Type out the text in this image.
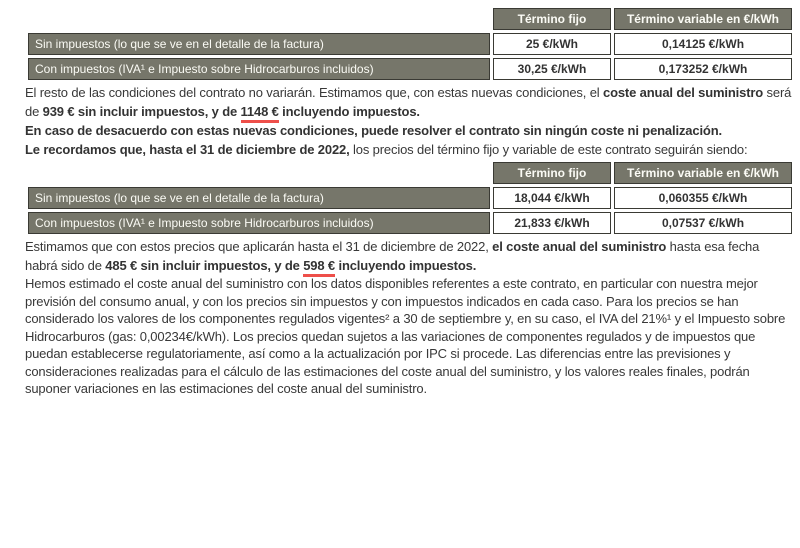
	Término fijo	Término variable en €/kWh
Sin impuestos (lo que se ve en el detalle de la factura)	25 €/kWh	0,14125 €/kWh
Con impuestos (IVA¹ e Impuesto sobre Hidrocarburos incluidos)	30,25 €/kWh	0,173252 €/kWh

El resto de las condiciones del contrato no variarán. Estimamos que, con estas nuevas condiciones, el coste anual del suministro será de 939 € sin incluir impuestos, y de 1148 € incluyendo impuestos.

En caso de desacuerdo con estas nuevas condiciones, puede resolver el contrato sin ningún coste ni penalización.

Le recordamos que, hasta el 31 de diciembre de 2022, los precios del término fijo y variable de este contrato seguirán siendo:

	Término fijo	Término variable en €/kWh
Sin impuestos (lo que se ve en el detalle de la factura)	18,044 €/kWh	0,060355 €/kWh
Con impuestos (IVA¹ e Impuesto sobre Hidrocarburos incluidos)	21,833 €/kWh	0,07537 €/kWh

Estimamos que con estos precios que aplicarán hasta el 31 de diciembre de 2022, el coste anual del suministro hasta esa fecha habrá sido de 485 € sin incluir impuestos, y de 598 € incluyendo impuestos.

Hemos estimado el coste anual del suministro con los datos disponibles referentes a este contrato, en particular con nuestra mejor previsión del consumo anual, y con los precios sin impuestos y con impuestos indicados en cada caso. Para los precios se han considerado los valores de los componentes regulados vigentes² a 30 de septiembre y, en su caso, el IVA del 21%¹ y el Impuesto sobre Hidrocarburos (gas: 0,00234€/kWh). Los precios quedan sujetos a las variaciones de componentes regulados y de impuestos que puedan establecerse regulatoriamente, así como a la actualización por IPC si procede. Las diferencias entre las previsiones y consideraciones realizadas para el cálculo de las estimaciones del coste anual del suministro, y los valores reales finales, podrán suponer variaciones en las estimaciones del coste anual del suministro.
